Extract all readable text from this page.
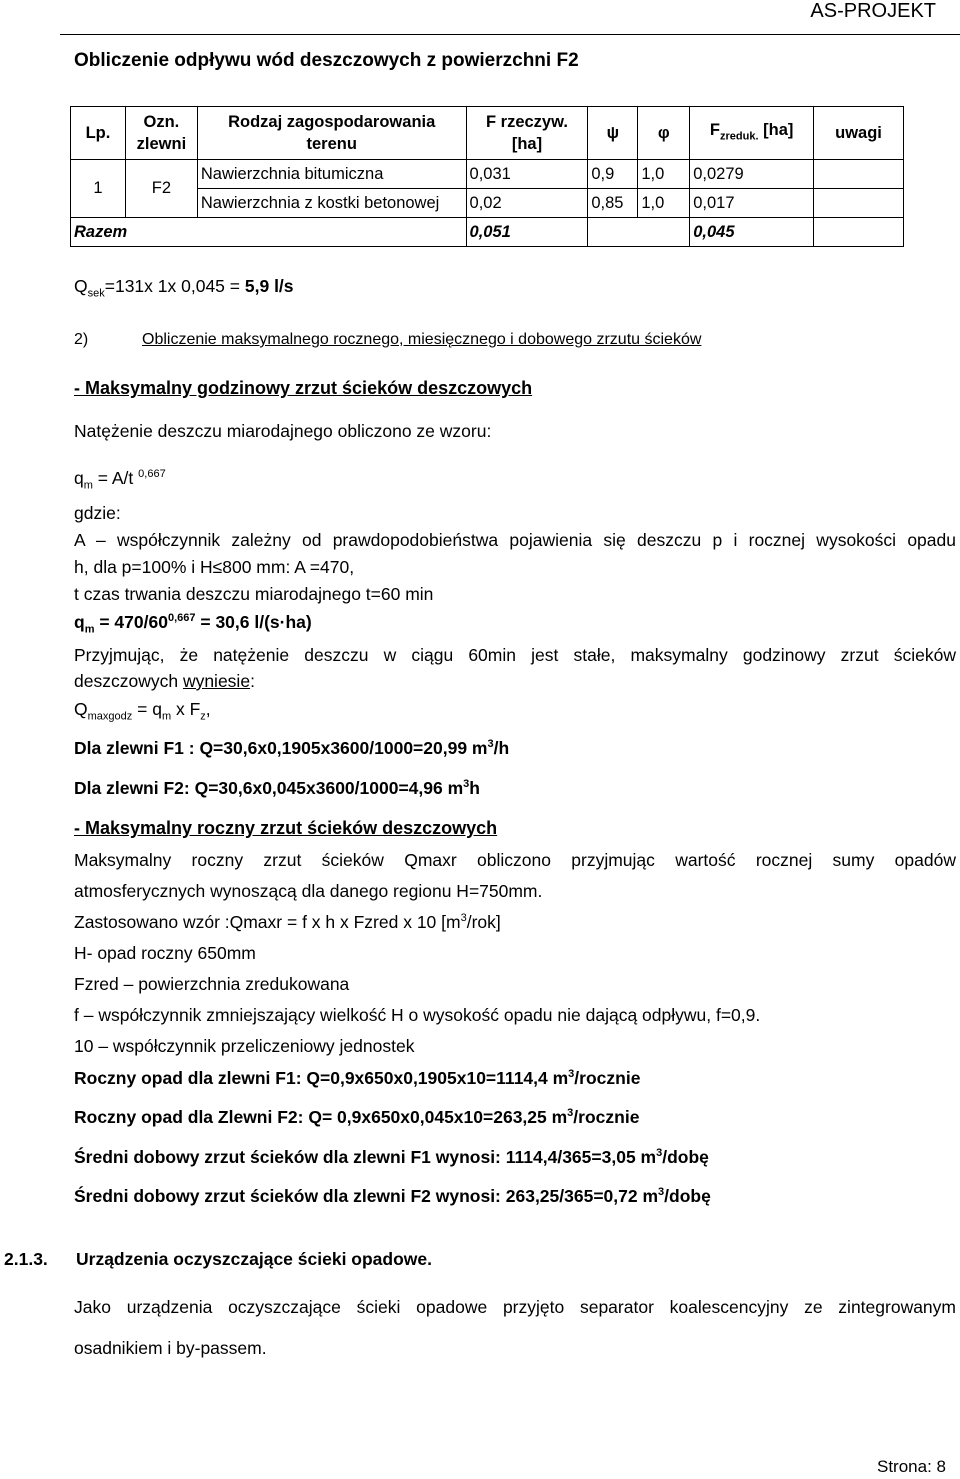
AS-PROJEKT
Obliczenie odpływu wód deszczowych z powierzchni F2
Lp.	Ozn. zlewni	Rodzaj zagospodarowania terenu	F rzeczyw. [ha]	ψ	φ	$F_{zreduk.}$ [ha]	uwagi
1	F2	Nawierzchnia bitumiczna	0,031	0,9	1,0	0,0279	
		Nawierzchnia z kostki betonowej	0,02	0,85	1,0	0,017	
Razem			0,051			0,045	
$Q_{sek}=131x$ 1x 0,045 = 5,9 l/s
2)	Obliczenie maksymalnego rocznego, miesięcznego i dobowego zrzutu ścieków
- Maksymalny godzinowy zrzut ścieków deszczowych
Natężenie deszczu miarodajnego obliczono ze wzoru:
$q_m = A/t$ $^{0,667}$
gdzie:
A – współczynnik zależny od prawdopodobieństwa pojawienia się deszczu p i rocznej wysokości opadu
h, dla p=100% i H≤800 mm: A =470,
t czas trwania deszczu miarodajnego t=60 min
$q_m = 470/60^{0,667} = 30,6$ l/(s·ha)
Przyjmując, że natężenie deszczu w ciągu 60min jest stałe, maksymalny godzinowy zrzut ścieków
deszczowych wyniesie:
$Q_{maxgodz} = q_m$ x $F_z$,
Dla zlewni F1 : Q=30,6x0,1905x3600/1000=20,99 $m^3/h$
Dla zlewni F2: Q=30,6x0,045x3600/1000=4,96 $m^3h$
- Maksymalny roczny zrzut ścieków deszczowych
Maksymalny roczny zrzut ścieków Qmaxr obliczono przyjmując wartość rocznej sumy opadów
atmosferycznych wynoszącą dla danego regionu H=750mm.
Zastosowano wzór :Qmaxr = f x h x Fzred x 10 $[m^3/rok]$
H- opad roczny 650mm
Fzred – powierzchnia zredukowana
f – współczynnik zmniejszający wielkość H o wysokość opadu nie dającą odpływu, f=0,9.
10 – współczynnik przeliczeniowy jednostek
Roczny opad dla zlewni F1: Q=0,9x650x0,1905x10=1114,4 $m^3$/rocznie
Roczny opad dla Zlewni F2: Q= 0,9x650x0,045x10=263,25 $m^3$/rocznie
Średni dobowy zrzut ścieków dla zlewni F1 wynosi: 1114,4/365=3,05 $m^3$/dobę
Średni dobowy zrzut ścieków dla zlewni F2 wynosi: 263,25/365=0,72 $m^3$/dobę
2.1.3. Urządzenia oczyszczające ścieki opadowe.
Jako urządzenia oczyszczające ścieki opadowe przyjęto separator koalescencyjny ze zintegrowanym
osadnikiem i by-passem.
Strona: 8
